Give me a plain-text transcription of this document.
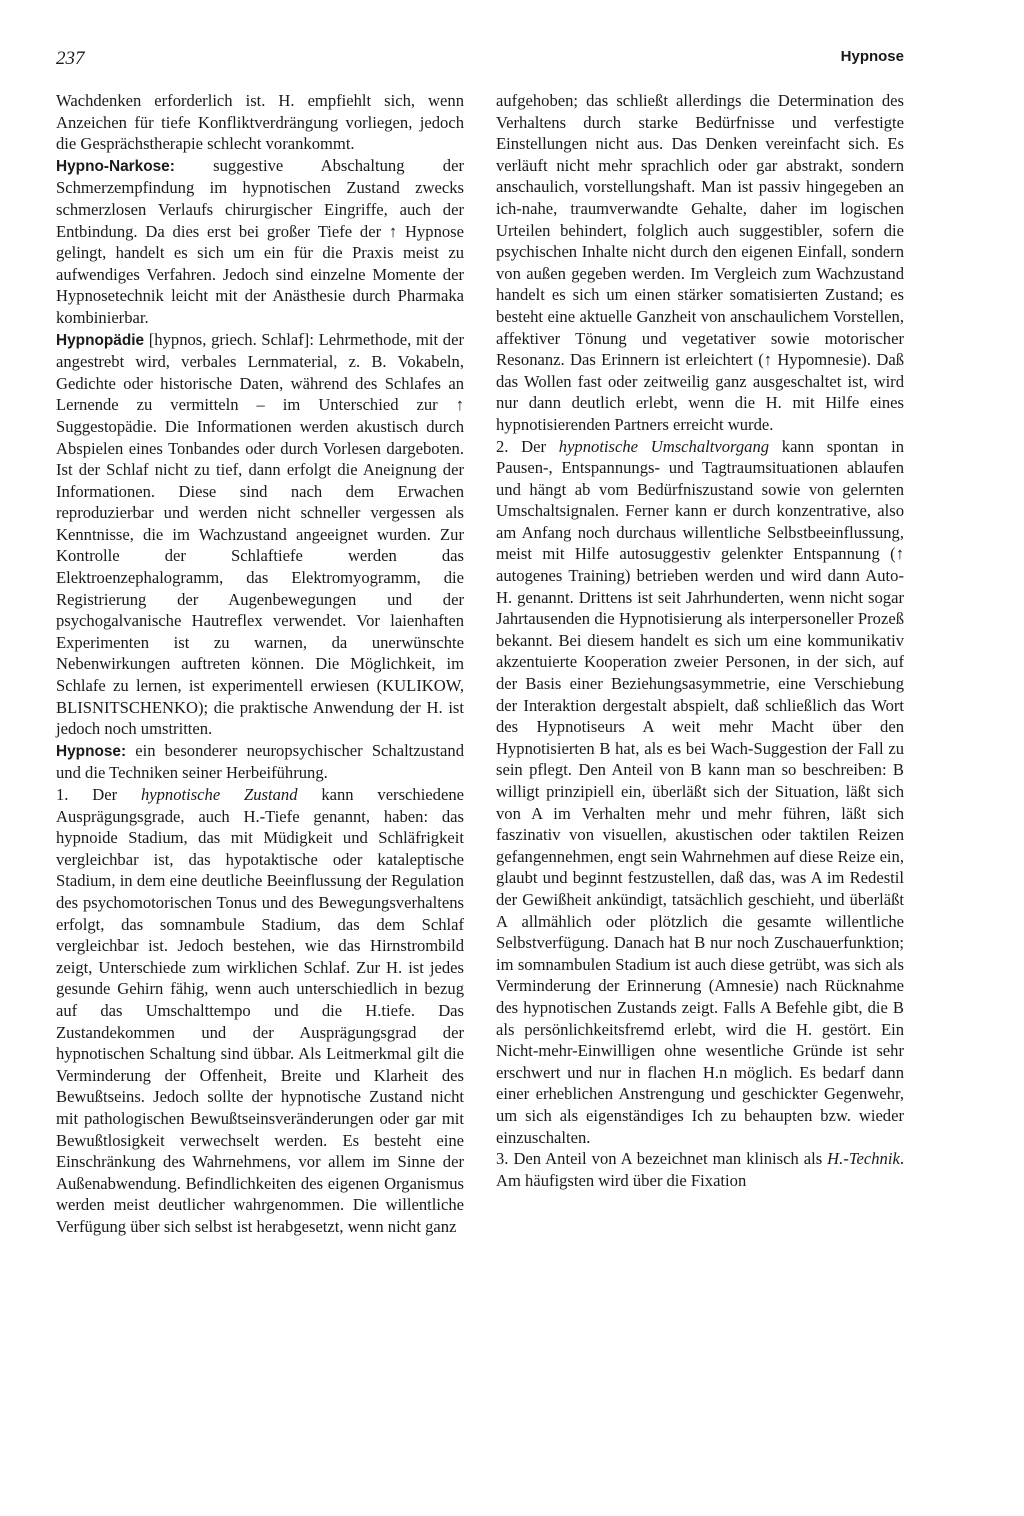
237	Hypnose

Wachdenken erforderlich ist. H. empfiehlt sich, wenn Anzeichen für tiefe Konfliktverdrängung vorliegen, jedoch die Gesprächstherapie schlecht vorankommt.

Hypno-Narkose: suggestive Abschaltung der Schmerzempfindung im hypnotischen Zustand zwecks schmerzlosen Verlaufs chirurgischer Eingriffe, auch der Entbindung. Da dies erst bei großer Tiefe der ↑ Hypnose gelingt, handelt es sich um ein für die Praxis meist zu aufwendiges Verfahren. Jedoch sind einzelne Momente der Hypnosetechnik leicht mit der Anästhesie durch Pharmaka kombinierbar.

Hypnopädie [hypnos, griech. Schlaf]: Lehrmethode, mit der angestrebt wird, verbales Lernmaterial, z. B. Vokabeln, Gedichte oder historische Daten, während des Schlafes an Lernende zu vermitteln – im Unterschied zur ↑ Suggestopädie. Die Informationen werden akustisch durch Abspielen eines Tonbandes oder durch Vorlesen dargeboten. Ist der Schlaf nicht zu tief, dann erfolgt die Aneignung der Informationen. Diese sind nach dem Erwachen reproduzierbar und werden nicht schneller vergessen als Kenntnisse, die im Wachzustand angeeignet wurden. Zur Kontrolle der Schlaftiefe werden das Elektroenzephalogramm, das Elektromyogramm, die Registrierung der Augenbewegungen und der psychogalvanische Hautreflex verwendet. Vor laienhaften Experimenten ist zu warnen, da unerwünschte Nebenwirkungen auftreten können. Die Möglichkeit, im Schlafe zu lernen, ist experimentell erwiesen (KULIKOW, BLISNITSCHENKO); die praktische Anwendung der H. ist jedoch noch umstritten.

Hypnose: ein besonderer neuropsychischer Schaltzustand und die Techniken seiner Herbeiführung.

1. Der hypnotische Zustand kann verschiedene Ausprägungsgrade, auch H.-Tiefe genannt, haben: das hypnoide Stadium, das mit Müdigkeit und Schläfrigkeit vergleichbar ist, das hypotaktische oder kataleptische Stadium, in dem eine deutliche Beeinflussung der Regulation des psychomotorischen Tonus und des Bewegungsverhaltens erfolgt, das somnambule Stadium, das dem Schlaf vergleichbar ist. Jedoch bestehen, wie das Hirnstrombild zeigt, Unterschiede zum wirklichen Schlaf. Zur H. ist jedes gesunde Gehirn fähig, wenn auch unterschiedlich in bezug auf das Umschalttempo und die H.tiefe. Das Zustandekommen und der Ausprägungsgrad der hypnotischen Schaltung sind übbar. Als Leitmerkmal gilt die Verminderung der Offenheit, Breite und Klarheit des Bewußtseins. Jedoch sollte der hypnotische Zustand nicht mit pathologischen Bewußtseinsveränderungen oder gar mit Bewußtlosigkeit verwechselt werden. Es besteht eine Einschränkung des Wahrnehmens, vor allem im Sinne der Außenabwendung. Befindlichkeiten des eigenen Organismus werden meist deutlicher wahrgenommen. Die willentliche Verfügung über sich selbst ist herabgesetzt, wenn nicht ganz

aufgehoben; das schließt allerdings die Determination des Verhaltens durch starke Bedürfnisse und verfestigte Einstellungen nicht aus. Das Denken vereinfacht sich. Es verläuft nicht mehr sprachlich oder gar abstrakt, sondern anschaulich, vorstellungshaft. Man ist passiv hingegeben an ich-nahe, traumverwandte Gehalte, daher im logischen Urteilen behindert, folglich auch suggestibler, sofern die psychischen Inhalte nicht durch den eigenen Einfall, sondern von außen gegeben werden. Im Vergleich zum Wachzustand handelt es sich um einen stärker somatisierten Zustand; es besteht eine aktuelle Ganzheit von anschaulichem Vorstellen, affektiver Tönung und vegetativer sowie motorischer Resonanz. Das Erinnern ist erleichtert (↑ Hypomnesie). Daß das Wollen fast oder zeitweilig ganz ausgeschaltet ist, wird nur dann deutlich erlebt, wenn die H. mit Hilfe eines hypnotisierenden Partners erreicht wurde.

2. Der hypnotische Umschaltvorgang kann spontan in Pausen-, Entspannungs- und Tagtraumsituationen ablaufen und hängt ab vom Bedürfniszustand sowie von gelernten Umschaltsignalen. Ferner kann er durch konzentrative, also am Anfang noch durchaus willentliche Selbstbeeinflussung, meist mit Hilfe autosuggestiv gelenkter Entspannung (↑ autogenes Training) betrieben werden und wird dann Auto-H. genannt. Drittens ist seit Jahrhunderten, wenn nicht sogar Jahrtausenden die Hypnotisierung als interpersoneller Prozeß bekannt. Bei diesem handelt es sich um eine kommunikativ akzentuierte Kooperation zweier Personen, in der sich, auf der Basis einer Beziehungsasymmetrie, eine Verschiebung der Interaktion dergestalt abspielt, daß schließlich das Wort des Hypnotiseurs A weit mehr Macht über den Hypnotisierten B hat, als es bei Wach-Suggestion der Fall zu sein pflegt. Den Anteil von B kann man so beschreiben: B willigt prinzipiell ein, überläßt sich der Situation, läßt sich von A im Verhalten mehr und mehr führen, läßt sich faszinativ von visuellen, akustischen oder taktilen Reizen gefangennehmen, engt sein Wahrnehmen auf diese Reize ein, glaubt und beginnt festzustellen, daß das, was A im Redestil der Gewißheit ankündigt, tatsächlich geschieht, und überläßt A allmählich oder plötzlich die gesamte willentliche Selbstverfügung. Danach hat B nur noch Zuschauerfunktion; im somnambulen Stadium ist auch diese getrübt, was sich als Verminderung der Erinnerung (Amnesie) nach Rücknahme des hypnotischen Zustands zeigt. Falls A Befehle gibt, die B als persönlichkeitsfremd erlebt, wird die H. gestört. Ein Nicht-mehr-Einwilligen ohne wesentliche Gründe ist sehr erschwert und nur in flachen H.n möglich. Es bedarf dann einer erheblichen Anstrengung und geschickter Gegenwehr, um sich als eigenständiges Ich zu behaupten bzw. wieder einzuschalten.

3. Den Anteil von A bezeichnet man klinisch als H.-Technik. Am häufigsten wird über die Fixation
